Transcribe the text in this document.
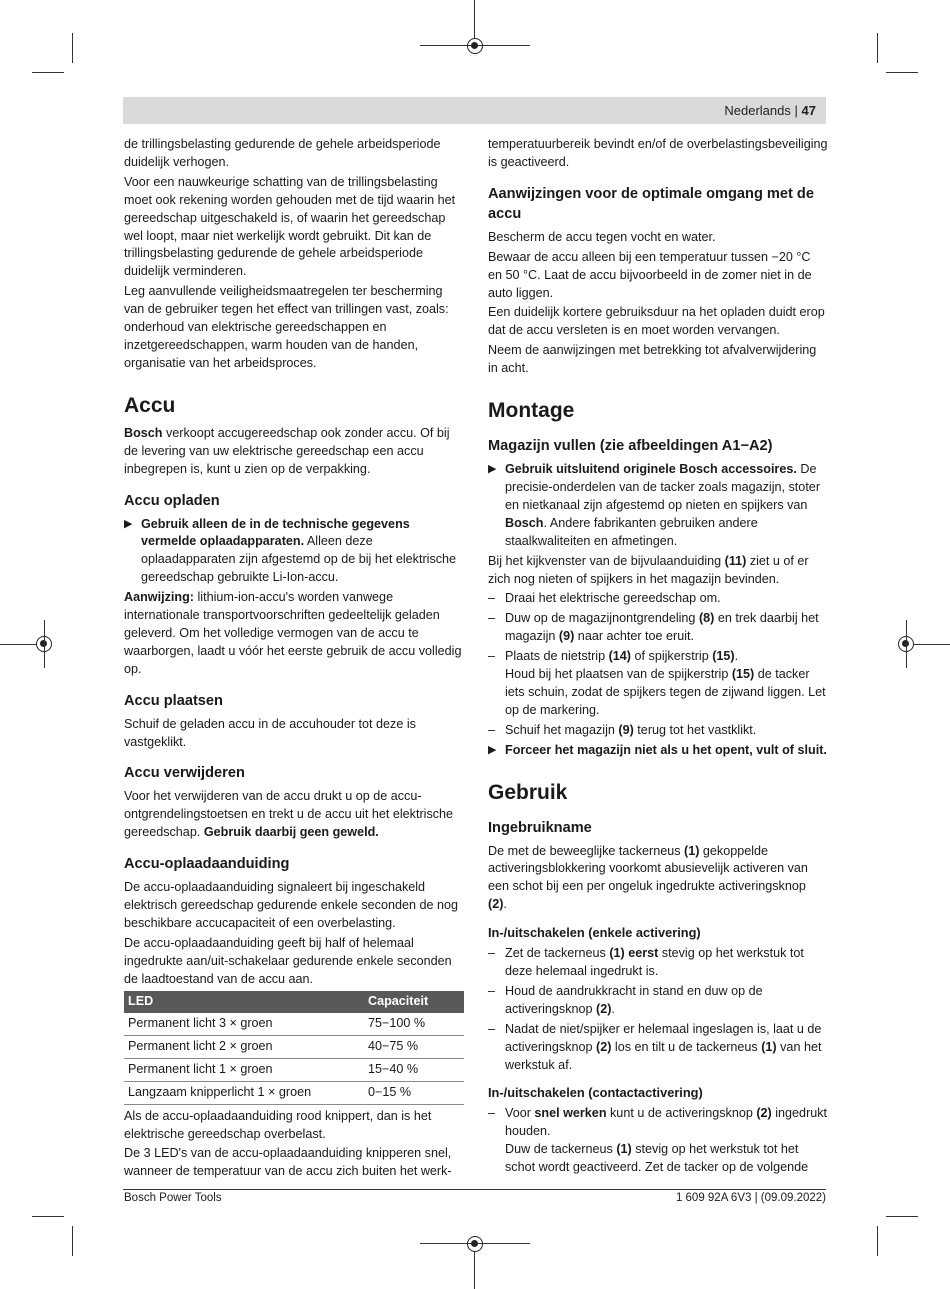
Nederlands | 47

de trillingsbelasting gedurende de gehele arbeidsperiode duidelijk verhogen.

Voor een nauwkeurige schatting van de trillingsbelasting moet ook rekening worden gehouden met de tijd waarin het gereedschap uitgeschakeld is, of waarin het gereedschap wel loopt, maar niet werkelijk wordt gebruikt. Dit kan de trillingsbelasting gedurende de gehele arbeidsperiode duidelijk verminderen.

Leg aanvullende veiligheidsmaatregelen ter bescherming van de gebruiker tegen het effect van trillingen vast, zoals: onderhoud van elektrische gereedschappen en inzetgereedschappen, warm houden van de handen, organisatie van het arbeidsproces.

Accu

Bosch verkoopt accugereedschap ook zonder accu. Of bij de levering van uw elektrische gereedschap een accu inbegrepen is, kunt u zien op de verpakking.

Accu opladen
▶ Gebruik alleen de in de technische gegevens vermelde oplaadapparaten. Alleen deze oplaadapparaten zijn afgestemd op de bij het elektrische gereedschap gebruikte Li-Ion-accu.

Aanwijzing: lithium-ion-accu's worden vanwege internationale transportvoorschriften gedeeltelijk geladen geleverd. Om het volledige vermogen van de accu te waarborgen, laadt u vóór het eerste gebruik de accu volledig op.

Accu plaatsen

Schuif de geladen accu in de accuhouder tot deze is vastgeklikt.

Accu verwijderen

Voor het verwijderen van de accu drukt u op de accu-ontgrendelingstoetsen en trekt u de accu uit het elektrische gereedschap. Gebruik daarbij geen geweld.

Accu-oplaadaanduiding

De accu-oplaadaanduiding signaleert bij ingeschakeld elektrisch gereedschap gedurende enkele seconden de nog beschikbare accucapaciteit of een overbelasting.

De accu-oplaadaanduiding geeft bij half of helemaal ingedrukte aan/uit-schakelaar gedurende enkele seconden de laadtoestand van de accu aan.

LED	Capaciteit
Permanent licht 3 × groen	75−100 %
Permanent licht 2 × groen	40−75 %
Permanent licht 1 × groen	15−40 %
Langzaam knipperlicht 1 × groen	0−15 %

Als de accu-oplaadaanduiding rood knippert, dan is het elektrische gereedschap overbelast.

De 3 LED's van de accu-oplaadaanduiding knipperen snel, wanneer de temperatuur van de accu zich buiten het werk-

temperatuurbereik bevindt en/of de overbelastingsbeveiliging is geactiveerd.

Aanwijzingen voor de optimale omgang met de accu

Bescherm de accu tegen vocht en water.

Bewaar de accu alleen bij een temperatuur tussen −20 °C en 50 °C. Laat de accu bijvoorbeeld in de zomer niet in de auto liggen.

Een duidelijk kortere gebruiksduur na het opladen duidt erop dat de accu versleten is en moet worden vervangen.

Neem de aanwijzingen met betrekking tot afvalverwijdering in acht.

Montage
Magazijn vullen (zie afbeeldingen A1−A2)
▶ Gebruik uitsluitend originele Bosch accessoires. De precisie-onderdelen van de tacker zoals magazijn, stoter en nietkanaal zijn afgestemd op nieten en spijkers van Bosch. Andere fabrikanten gebruiken andere staalkwaliteiten en afmetingen.

Bij het kijkvenster van de bijvulaanduiding (11) ziet u of er zich nog nieten of spijkers in het magazijn bevinden.

– Draai het elektrische gereedschap om.
– Duw op de magazijnontgrendeling (8) en trek daarbij het magazijn (9) naar achter toe eruit.
– Plaats de nietstrip (14) of spijkerstrip (15).
Houd bij het plaatsen van de spijkerstrip (15) de tacker iets schuin, zodat de spijkers tegen de zijwand liggen. Let op de markering.
– Schuif het magazijn (9) terug tot het vastklikt.
▶ Forceer het magazijn niet als u het opent, vult of sluit.
Gebruik
Ingebruikname

De met de beweeglijke tackerneus (1) gekoppelde activeringsblokkering voorkomt abusievelijk activeren van een schot bij een per ongeluk ingedrukte activeringsknop (2).

In-/uitschakelen (enkele activering)
– Zet de tackerneus (1) eerst stevig op het werkstuk tot deze helemaal ingedrukt is.
– Houd de aandrukkracht in stand en duw op de activeringsknop (2).
– Nadat de niet/spijker er helemaal ingeslagen is, laat u de activeringsknop (2) los en tilt u de tackerneus (1) van het werkstuk af.
In-/uitschakelen (contactactivering)
– Voor snel werken kunt u de activeringsknop (2) ingedrukt houden.
Duw de tackerneus (1) stevig op het werkstuk tot het schot wordt geactiveerd. Zet de tacker op de volgende
Bosch Power Tools	1 609 92A 6V3 | (09.09.2022)
